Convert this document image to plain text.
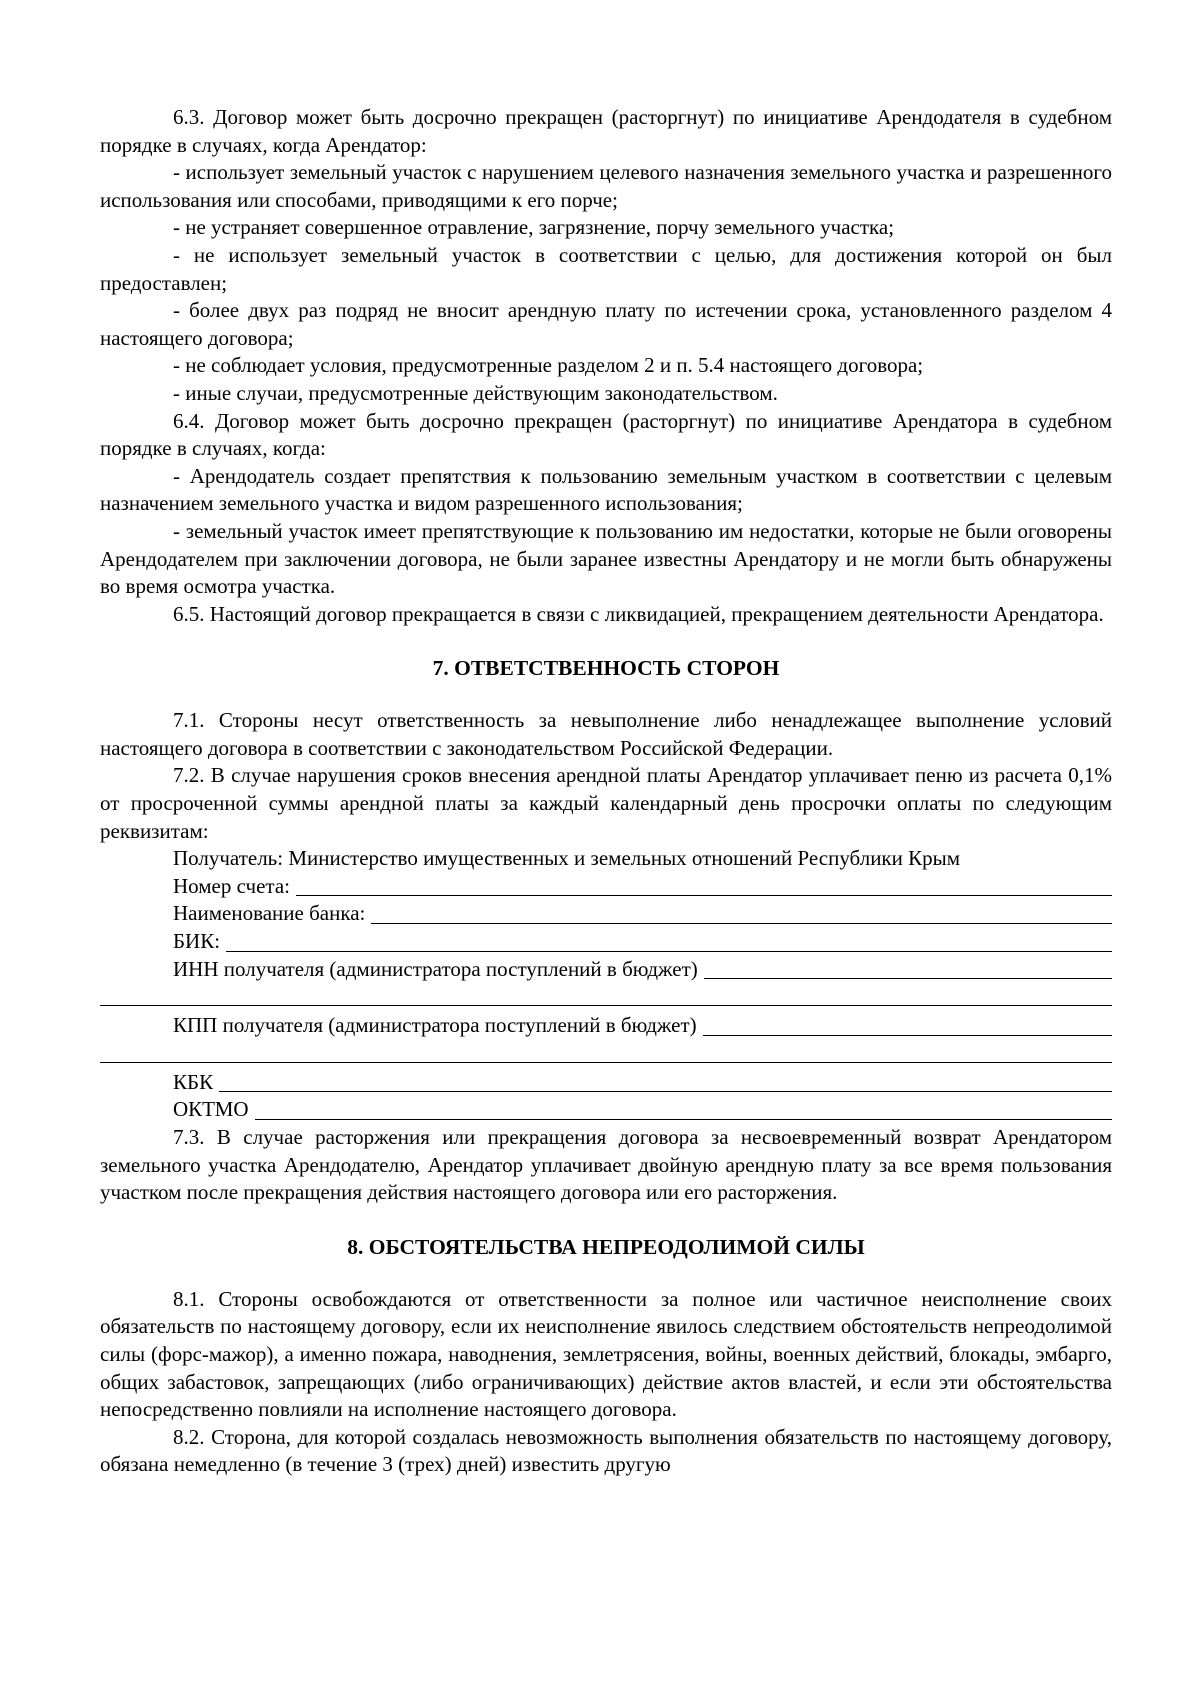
6.3. Договор может быть досрочно прекращен (расторгнут) по инициативе Арендодателя в судебном порядке в случаях, когда Арендатор:

- использует земельный участок с нарушением целевого назначения земельного участка и разрешенного использования или способами, приводящими к его порче;

- не устраняет совершенное отравление, загрязнение, порчу земельного участка;

- не использует земельный участок в соответствии с целью, для достижения которой он был предоставлен;

- более двух раз подряд не вносит арендную плату по истечении срока, установленного разделом 4 настоящего договора;

- не соблюдает условия, предусмотренные разделом 2 и п. 5.4 настоящего договора;

- иные случаи, предусмотренные действующим законодательством.

6.4. Договор может быть досрочно прекращен (расторгнут) по инициативе Арендатора в судебном порядке в случаях, когда:

- Арендодатель создает препятствия к пользованию земельным участком в соответствии с целевым назначением земельного участка и видом разрешенного использования;

- земельный участок имеет препятствующие к пользованию им недостатки, которые не были оговорены Арендодателем при заключении договора, не были заранее известны Арендатору и не могли быть обнаружены во время осмотра участка.

6.5. Настоящий договор прекращается в связи с ликвидацией, прекращением деятельности Арендатора.

7. ОТВЕТСТВЕННОСТЬ СТОРОН

7.1. Стороны несут ответственность за невыполнение либо ненадлежащее выполнение условий настоящего договора в соответствии с законодательством Российской Федерации.

7.2. В случае нарушения сроков внесения арендной платы Арендатор уплачивает пеню из расчета 0,1% от просроченной суммы арендной платы за каждый календарный день просрочки оплаты по следующим реквизитам:

Получатель: Министерство имущественных и земельных отношений Республики Крым

Номер счета:
Наименование банка:
БИК:
ИНН получателя (администратора поступлений в бюджет)
КПП получателя (администратора поступлений в бюджет)
КБК
ОКТМО

7.3. В случае расторжения или прекращения договора за несвоевременный возврат Арендатором земельного участка Арендодателю, Арендатор уплачивает двойную арендную плату за все время пользования участком после прекращения действия настоящего договора или его расторжения.

8. ОБСТОЯТЕЛЬСТВА НЕПРЕОДОЛИМОЙ СИЛЫ

8.1. Стороны освобождаются от ответственности за полное или частичное неисполнение своих обязательств по настоящему договору, если их неисполнение явилось следствием обстоятельств непреодолимой силы (форс-мажор), а именно пожара, наводнения, землетрясения, войны, военных действий, блокады, эмбарго, общих забастовок, запрещающих (либо ограничивающих) действие актов властей, и если эти обстоятельства непосредственно повлияли на исполнение настоящего договора.

8.2. Сторона, для которой создалась невозможность выполнения обязательств по настоящему договору, обязана немедленно (в течение 3 (трех) дней) известить другую
